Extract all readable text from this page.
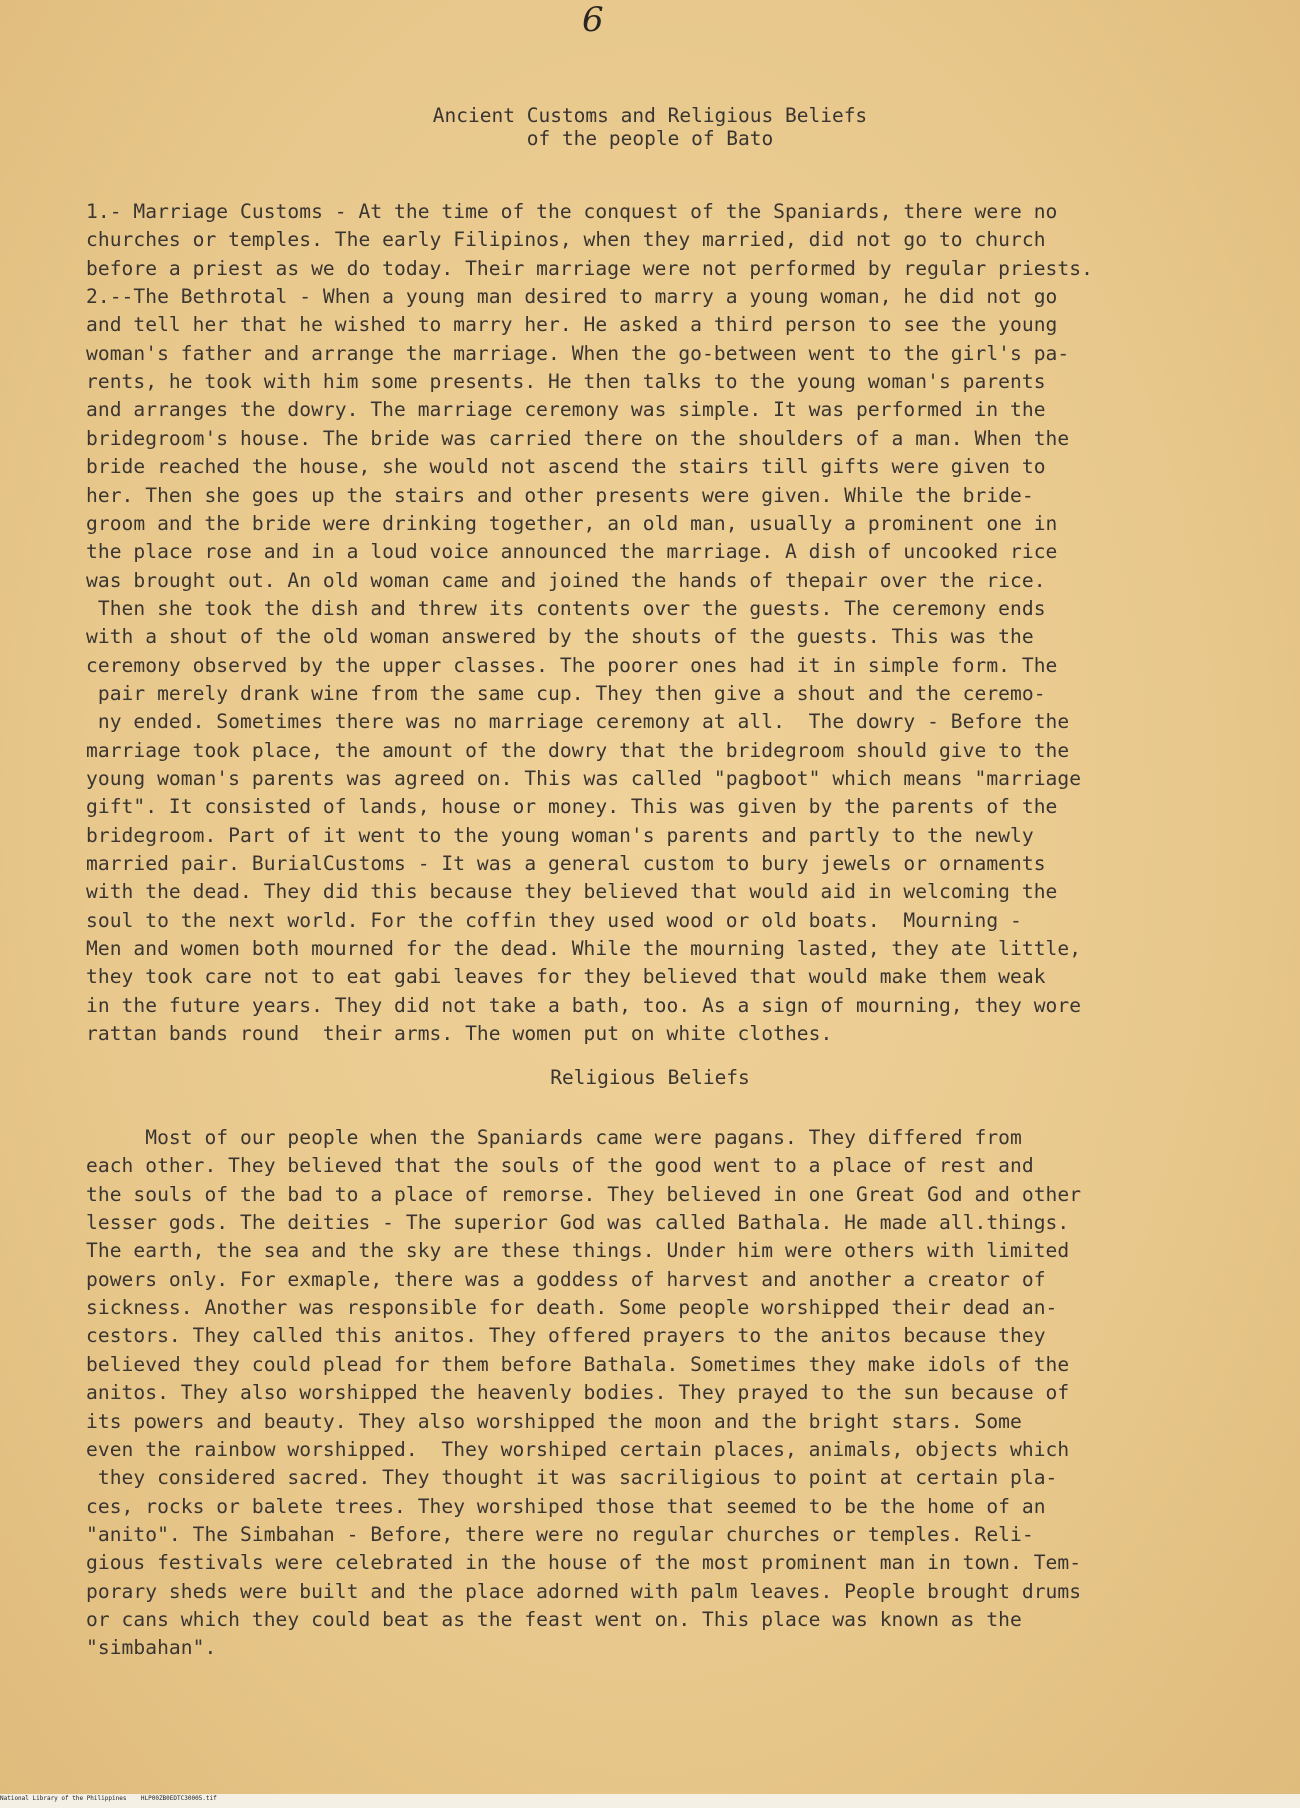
6
Ancient Customs and Religious Beliefs
of the people of Bato
1.- Marriage Customs - At the time of the conquest of the Spaniards, there were no
churches or temples. The early Filipinos, when they married, did not go to church
before a priest as we do today. Their marriage were not performed by regular priests.
2.--The Bethrotal - When a young man desired to marry a young woman, he did not go
and tell her that he wished to marry her. He asked a third person to see the young
woman's father and arrange the marriage. When the go-between went to the girl's pa-
rents, he took with him some presents. He then talks to the young woman's parents
and arranges the dowry. The marriage ceremony was simple. It was performed in the
bridegroom's house. The bride was carried there on the shoulders of a man. When the
bride reached the house, she would not ascend the stairs till gifts were given to
her. Then she goes up the stairs and other presents were given. While the bride-
groom and the bride were drinking together, an old man, usually a prominent one in
the place rose and in a loud voice announced the marriage. A dish of uncooked rice
was brought out. An old woman came and joined the hands of thepair over the rice.
Then she took the dish and threw its contents over the guests. The ceremony ends
with a shout of the old woman answered by the shouts of the guests. This was the
ceremony observed by the upper classes. The poorer ones had it in simple form. The
pair merely drank wine from the same cup. They then give a shout and the ceremo-
ny ended. Sometimes there was no marriage ceremony at all.  The dowry - Before the
marriage took place, the amount of the dowry that the bridegroom should give to the
young woman's parents was agreed on. This was called "pagboot" which means "marriage
gift". It consisted of lands, house or money. This was given by the parents of the
bridegroom. Part of it went to the young woman's parents and partly to the newly
married pair. BurialCustoms - It was a general custom to bury jewels or ornaments
with the dead. They did this because they believed that would aid in welcoming the
soul to the next world. For the coffin they used wood or old boats.  Mourning -
Men and women both mourned for the dead. While the mourning lasted, they ate little,
they took care not to eat gabi leaves for they believed that would make them weak
in the future years. They did not take a bath, too. As a sign of mourning, they wore
rattan bands round  their arms. The women put on white clothes.
Religious Beliefs
Most of our people when the Spaniards came were pagans. They differed from
each other. They believed that the souls of the good went to a place of rest and
the souls of the bad to a place of remorse. They believed in one Great God and other
lesser gods. The deities - The superior God was called Bathala. He made all.things.
The earth, the sea and the sky are these things. Under him were others with limited
powers only. For exmaple, there was a goddess of harvest and another a creator of
sickness. Another was responsible for death. Some people worshipped their dead an-
cestors. They called this anitos. They offered prayers to the anitos because they
believed they could plead for them before Bathala. Sometimes they make idols of the
anitos. They also worshipped the heavenly bodies. They prayed to the sun because of
its powers and beauty. They also worshipped the moon and the bright stars. Some
even the rainbow worshipped.  They worshiped certain places, animals, objects which
they considered sacred. They thought it was sacriligious to point at certain pla-
ces, rocks or balete trees. They worshiped those that seemed to be the home of an
"anito". The Simbahan - Before, there were no regular churches or temples. Reli-
gious festivals were celebrated in the house of the most prominent man in town. Tem-
porary sheds were built and the place adorned with palm leaves. People brought drums
or cans which they could beat as the feast went on. This place was known as the
"simbahan".
National Library of the Philippines    HLP00ZB0EDTC30005.tif
